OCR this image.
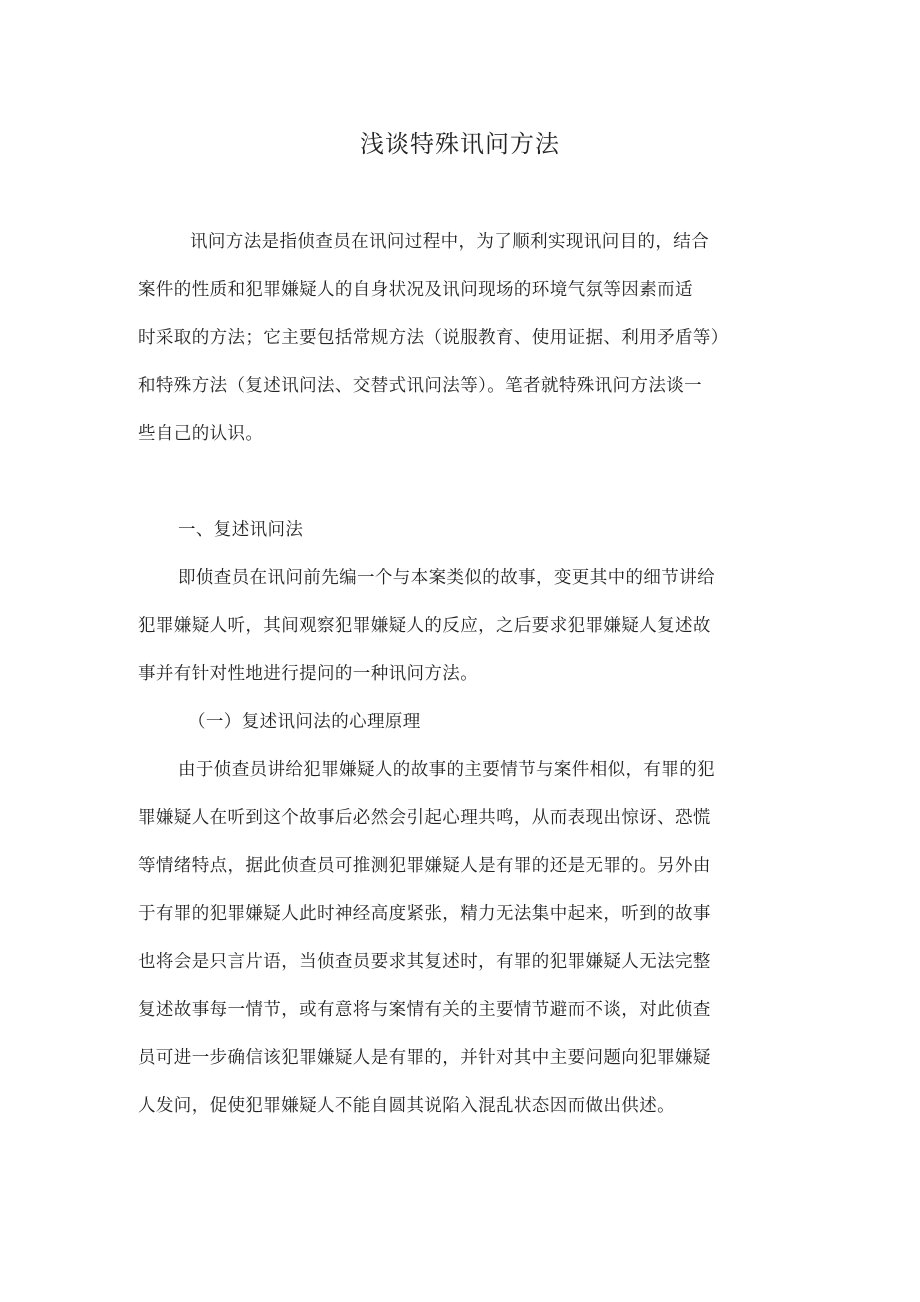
浅谈特殊讯问方法
讯问方法是指侦查员在讯问过程中，为了顺利实现讯问目的，结合
案件的性质和犯罪嫌疑人的自身状况及讯问现场的环境气氛等因素而适
时采取的方法；它主要包括常规方法（说服教育、使用证据、利用矛盾等）
和特殊方法（复述讯问法、交替式讯问法等）。笔者就特殊讯问方法谈一
些自己的认识。
一、复述讯问法
即侦查员在讯问前先编一个与本案类似的故事，变更其中的细节讲给
犯罪嫌疑人听，其间观察犯罪嫌疑人的反应，之后要求犯罪嫌疑人复述故
事并有针对性地进行提问的一种讯问方法。
（一）复述讯问法的心理原理
由于侦查员讲给犯罪嫌疑人的故事的主要情节与案件相似，有罪的犯
罪嫌疑人在听到这个故事后必然会引起心理共鸣，从而表现出惊讶、恐慌
等情绪特点，据此侦查员可推测犯罪嫌疑人是有罪的还是无罪的。另外由
于有罪的犯罪嫌疑人此时神经高度紧张，精力无法集中起来，听到的故事
也将会是只言片语，当侦查员要求其复述时，有罪的犯罪嫌疑人无法完整
复述故事每一情节，或有意将与案情有关的主要情节避而不谈，对此侦查
员可进一步确信该犯罪嫌疑人是有罪的，并针对其中主要问题向犯罪嫌疑
人发问，促使犯罪嫌疑人不能自圆其说陷入混乱状态因而做出供述。
